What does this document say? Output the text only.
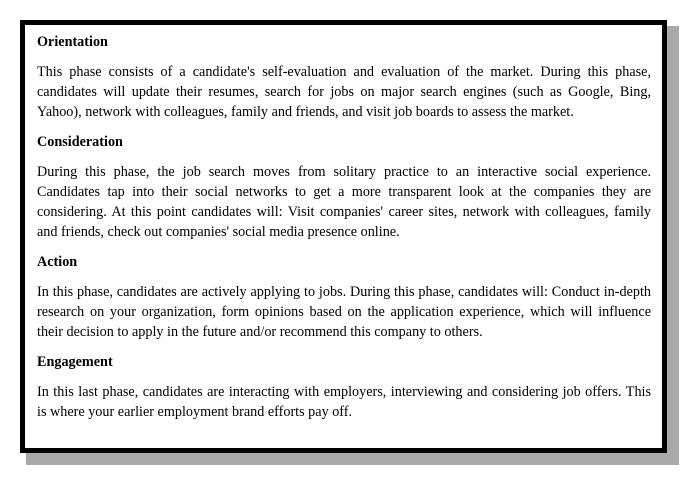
Orientation
This phase consists of a candidate's self-evaluation and evaluation of the market. During this phase, candidates will update their resumes, search for jobs on major search engines (such as Google, Bing, Yahoo), network with colleagues, family and friends, and visit job boards to assess the market.
Consideration
During this phase, the job search moves from solitary practice to an interactive social experience. Candidates tap into their social networks to get a more transparent look at the companies they are considering. At this point candidates will: Visit companies' career sites, network with colleagues, family and friends, check out companies' social media presence online.
Action
In this phase, candidates are actively applying to jobs. During this phase, candidates will: Conduct in-depth research on your organization, form opinions based on the application experience, which will influence their decision to apply in the future and/or recommend this company to others.
Engagement
In this last phase, candidates are interacting with employers, interviewing and considering job offers. This is where your earlier employment brand efforts pay off.
